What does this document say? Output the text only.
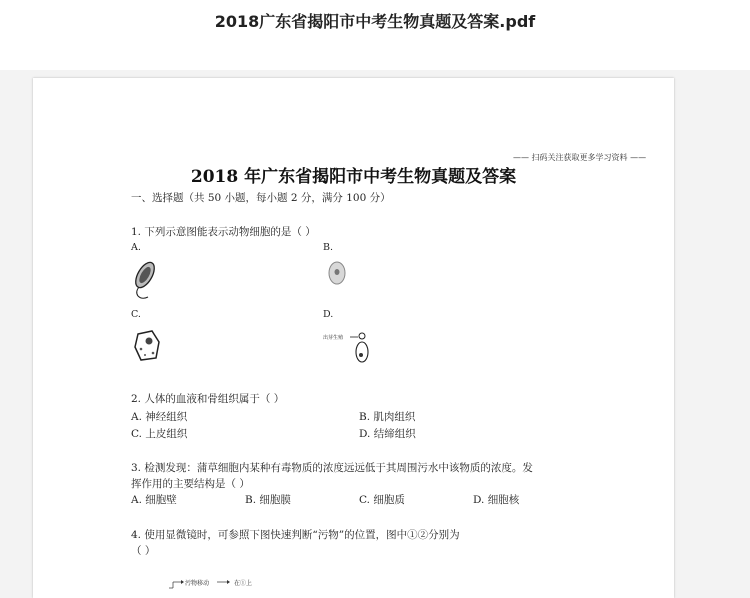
2018广东省揭阳市中考生物真题及答案.pdf
—— 扫码关注获取更多学习资料 ——
2018 年广东省揭阳市中考生物真题及答案
一、选择题（共 50 小题，每小题 2 分，满分 100 分）
1. 下列示意图能表示动物细胞的是（ ）
A.	B.
C.	D.
出芽生殖
2. 人体的血液和骨组织属于（ ）
A. 神经组织	B. 肌肉组织
C. 上皮组织	D. 结缔组织
3. 检测发现：蒲草细胞内某种有毒物质的浓度远远低于其周围污水中该物质的浓度。发
挥作用的主要结构是（ ）
A. 细胞壁	B. 细胞膜	C. 细胞质	D. 细胞核
4. 使用显微镜时，可参照下图快速判断“污物”的位置，图中①②分别为
（ ）
污物移动	在①上
